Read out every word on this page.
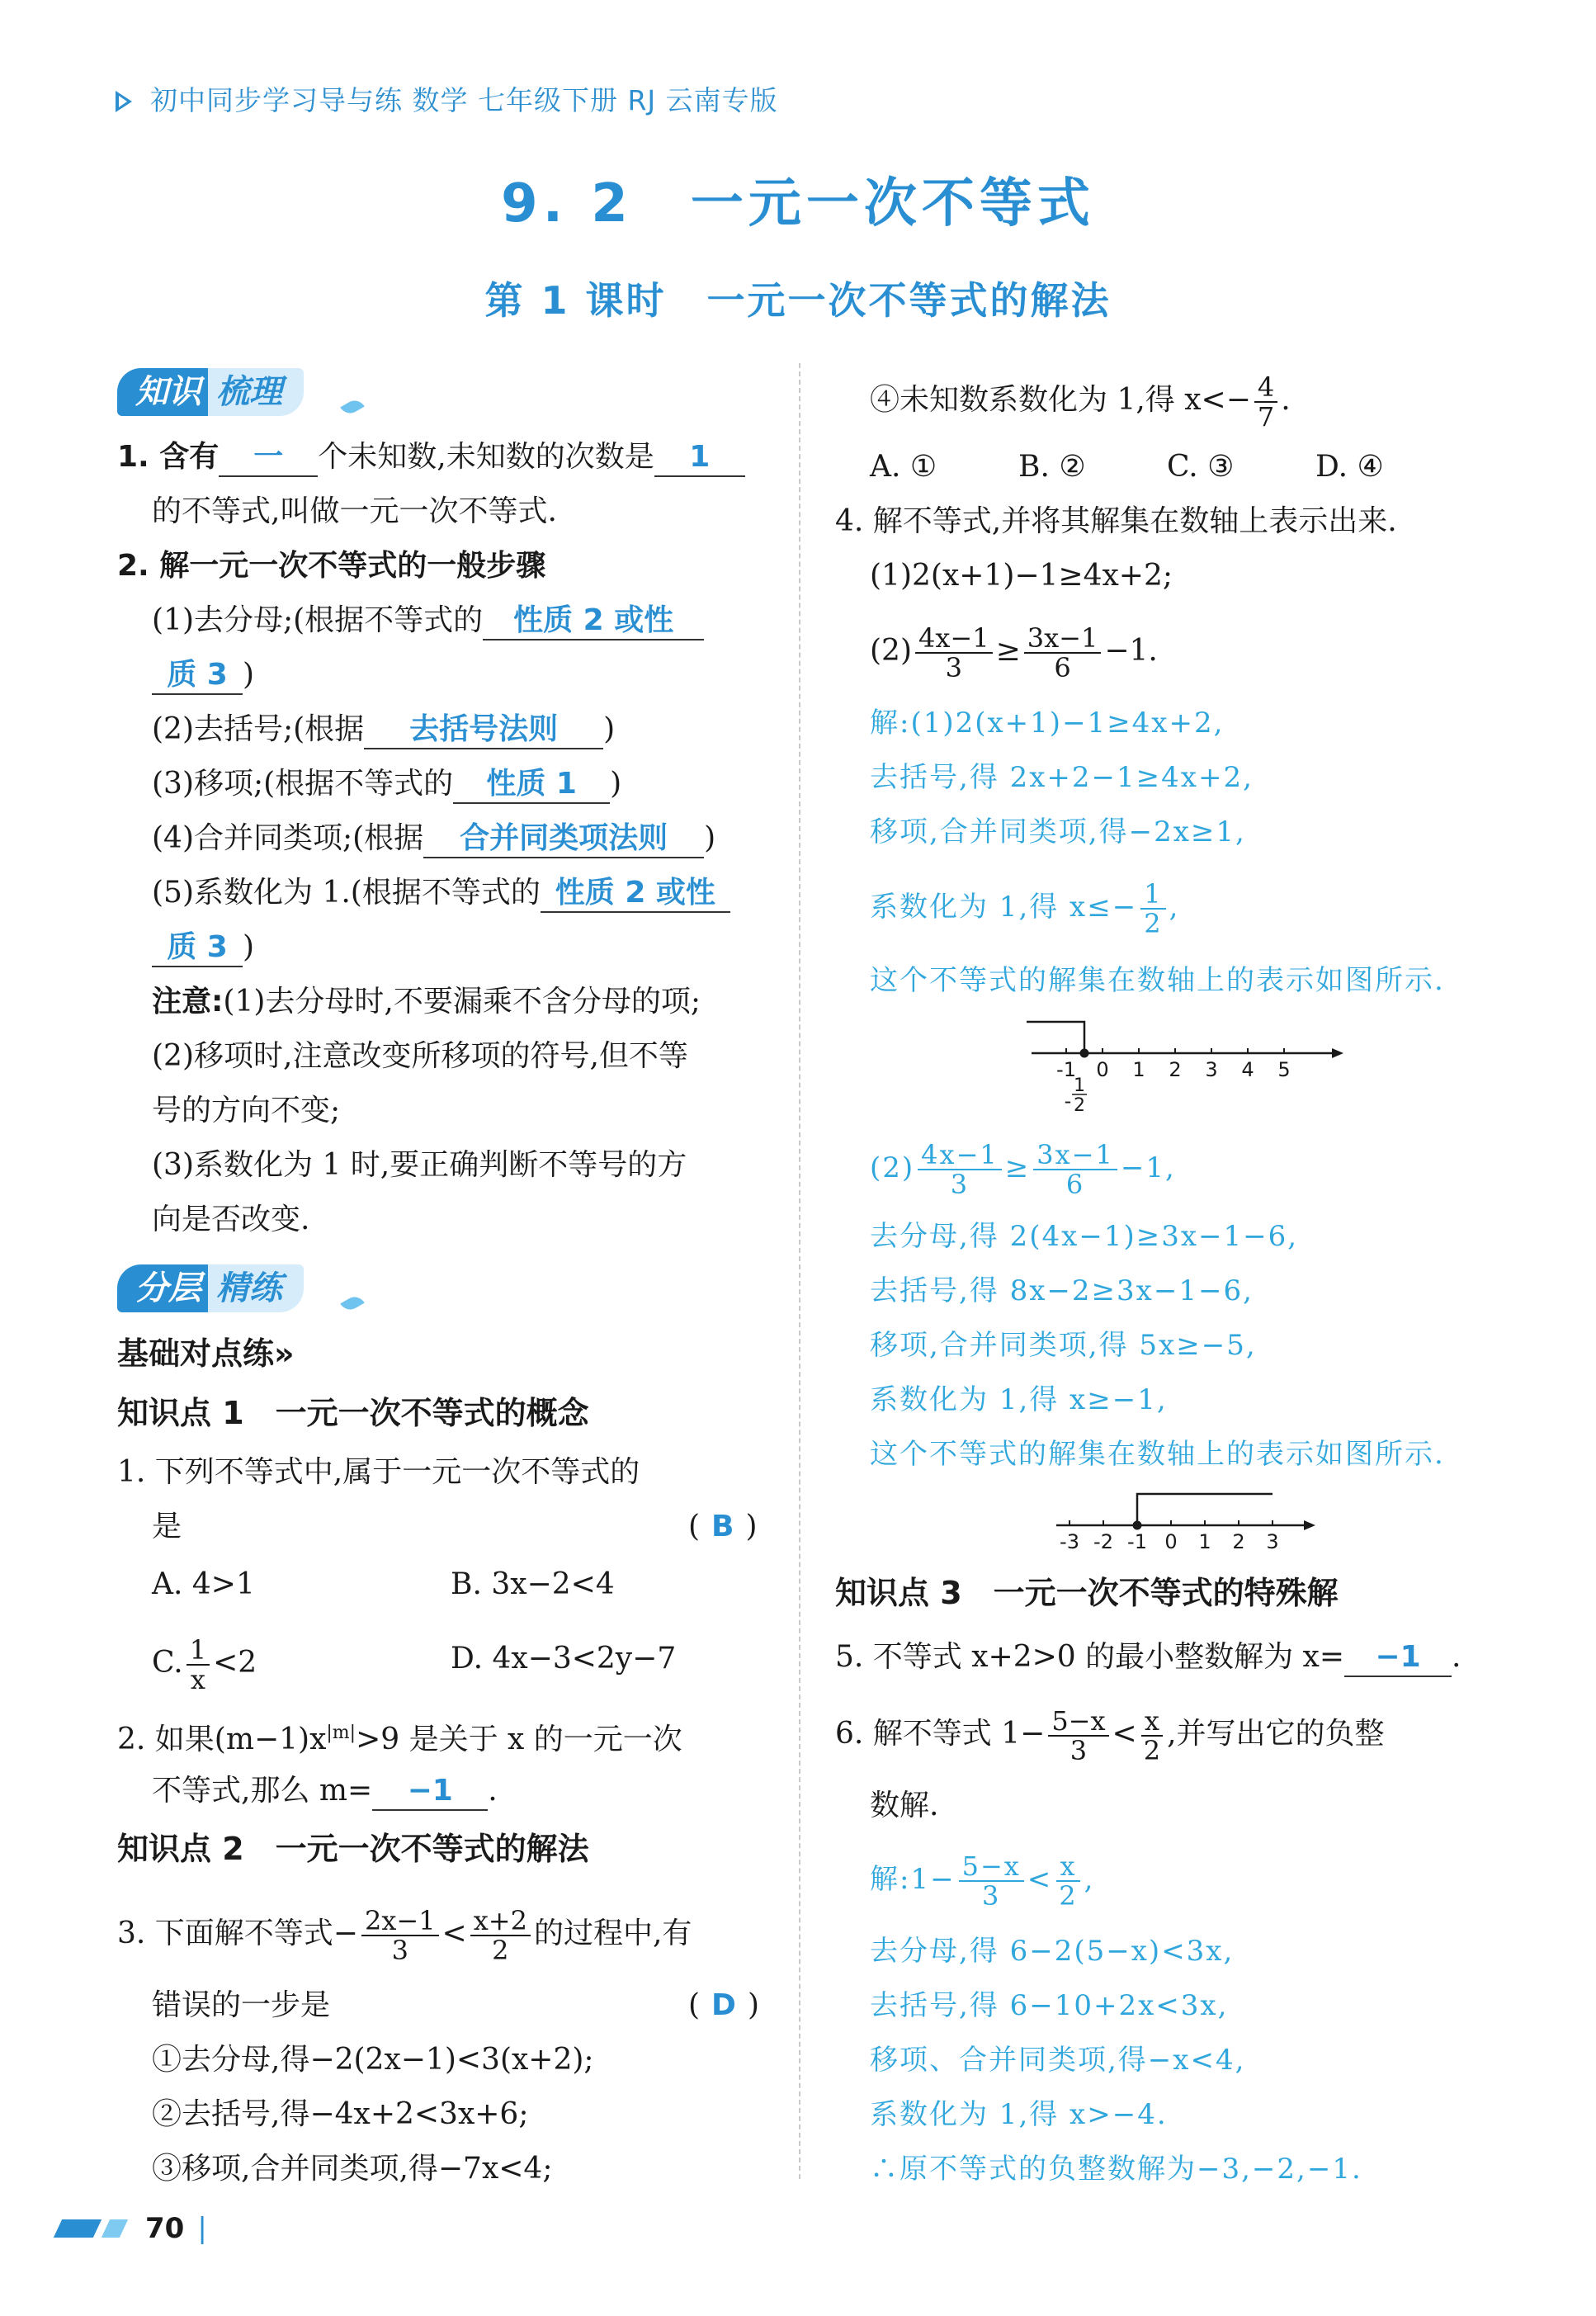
初中同步学习导与练 数学 七年级下册 RJ 云南专版
9. 2　一元一次不等式
第 1 课时　一元一次不等式的解法
知识 梳理
1. 含有 一 个未知数,未知数的次数是 1
的不等式,叫做一元一次不等式.
2. 解一元一次不等式的一般步骤
(1)去分母;(根据不等式的 性质 2 或性
质 3 )
(2)去括号;(根据 去括号法则 )
(3)移项;(根据不等式的 性质 1 )
(4)合并同类项;(根据 合并同类项法则 )
(5)系数化为 1.(根据不等式的 性质 2 或性
质 3 )
注意:(1)去分母时,不要漏乘不含分母的项;
(2)移项时,注意改变所移项的符号,但不等
号的方向不变;
(3)系数化为 1 时,要正确判断不等号的方
向是否改变.
分层 精练
基础对点练»
知识点 1　一元一次不等式的概念
1. 下列不等式中,属于一元一次不等式的
是	( B )
A. 4>1	B. 3x−2<4
C. $\frac{1}{x} <2$	D. 4x−3<2y−7
2. 如果$(m-1)x^{|m|}>9$ 是关于 x 的一元一次
不等式,那么 m= −1 .
知识点 2　一元一次不等式的解法
3. 下面解不等式− $\frac{2x-1}{3} < \frac{x+2}{2}$ 的过程中,有
错误的一步是	( D )
①去分母,得−2(2x−1)<3(x+2);
②去括号,得−4x+2<3x+6;
③移项,合并同类项,得−7x<4;
④未知数系数化为 1,得 $x<- \frac{4}{7}$ .
A. ①	B. ②	C. ③	D. ④
4. 解不等式,并将其解集在数轴上表示出来.
(1)2(x+1)−1≥4x+2;
$(2) \frac{4x-1}{3} \ge \frac{3x-1}{6} -1$.
解:(1)2(x+1)−1≥4x+2,
去括号,得 2x+2−1≥4x+2,
移项,合并同类项,得−2x≥1,
系数化为 1,得 $x\le- \frac{1}{2}$ ,
这个不等式的解集在数轴上的表示如图所示.
-1 0 1 2 3 4 5
-
1
2
$(2) \frac{4x-1}{3} \ge \frac{3x-1}{6} -1$,
去分母,得 2(4x−1)≥3x−1−6,
去括号,得 8x−2≥3x−1−6,
移项,合并同类项,得 5x≥−5,
系数化为 1,得 x≥−1,
这个不等式的解集在数轴上的表示如图所示.
-3 -2 -1 0 1 2 3
知识点 3　一元一次不等式的特殊解
5. 不等式 x+2>0 的最小整数解为 x= −1 .
6. 解不等式 $1- \frac{5-x}{3} < \frac{x}{2}$ ,并写出它的负整
数解.
解:1− $\frac{5-x}{3} < \frac{x}{2}$ ,
去分母,得 6−2(5−x)<3x,
去括号,得 6−10+2x<3x,
移项、合并同类项,得−x<4,
系数化为 1,得 x>−4.
∴原不等式的负整数解为−3,−2,−1.
70 |
